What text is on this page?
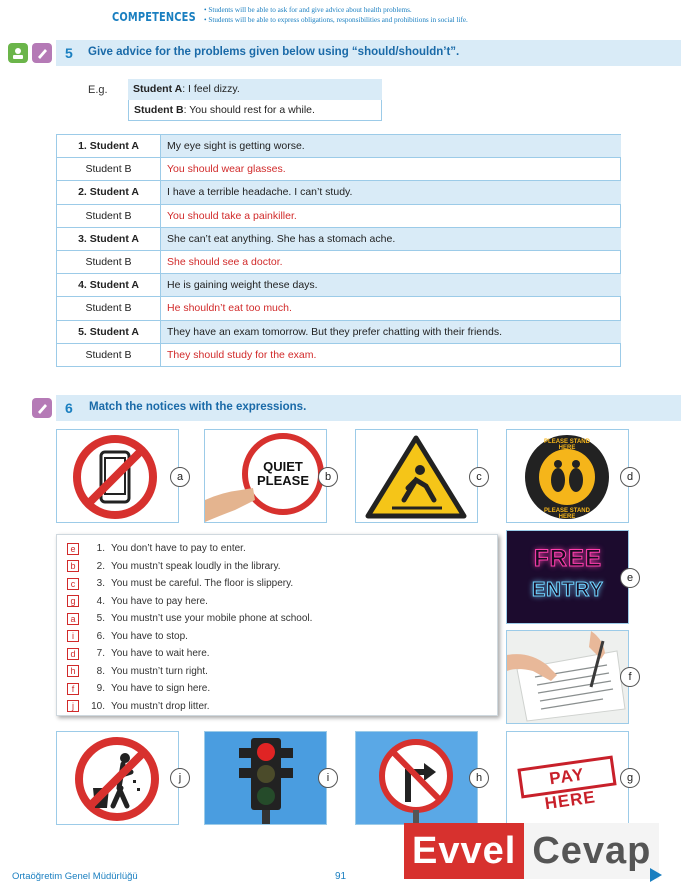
COMPETENCES	• Students will be able to ask for and give advice about health problems.
• Students will be able to express obligations, responsibilities and prohibitions in social life.
5 Give advice for the problems given below using “should/shouldn’t”.
E.g.	Student A: I feel dizzy.
Student B: You should rest for a while.
1. Student A	My eye sight is getting worse.
Student B	You should wear glasses.
2. Student A	I have a terrible headache. I can’t study.
Student B	You should take a painkiller.
3. Student A	She can’t eat anything. She has a stomach ache.
Student B	She should see a doctor.
4. Student A	He is gaining weight these days.
Student B	He shouldn’t eat too much.
5. Student A	They have an exam tomorrow. But they prefer chatting with their friends.
Student B	They should study for the exam.
6 Match the notices with the expressions.
a
QUIET PLEASE	b	c
PLEASE STAND HERE
PLEASE STAND HERE
d
e	1. You don’t have to pay to enter.
b	2. You mustn’t speak loudly in the library.
c	3. You must be careful. The floor is slippery.
g	4. You have to pay here.
a	5. You mustn’t use your mobile phone at school.
i	6. You have to stop.
d	7. You have to wait here.
h	8. You mustn’t turn right.
f	9. You have to sign here.
j	10. You mustn’t drop litter.
FREE
ENTRY
e
f
j	i	h	PAY HERE
g
Evvel Cevap
Ortaöğretim Genel Müdürlüğü	91
